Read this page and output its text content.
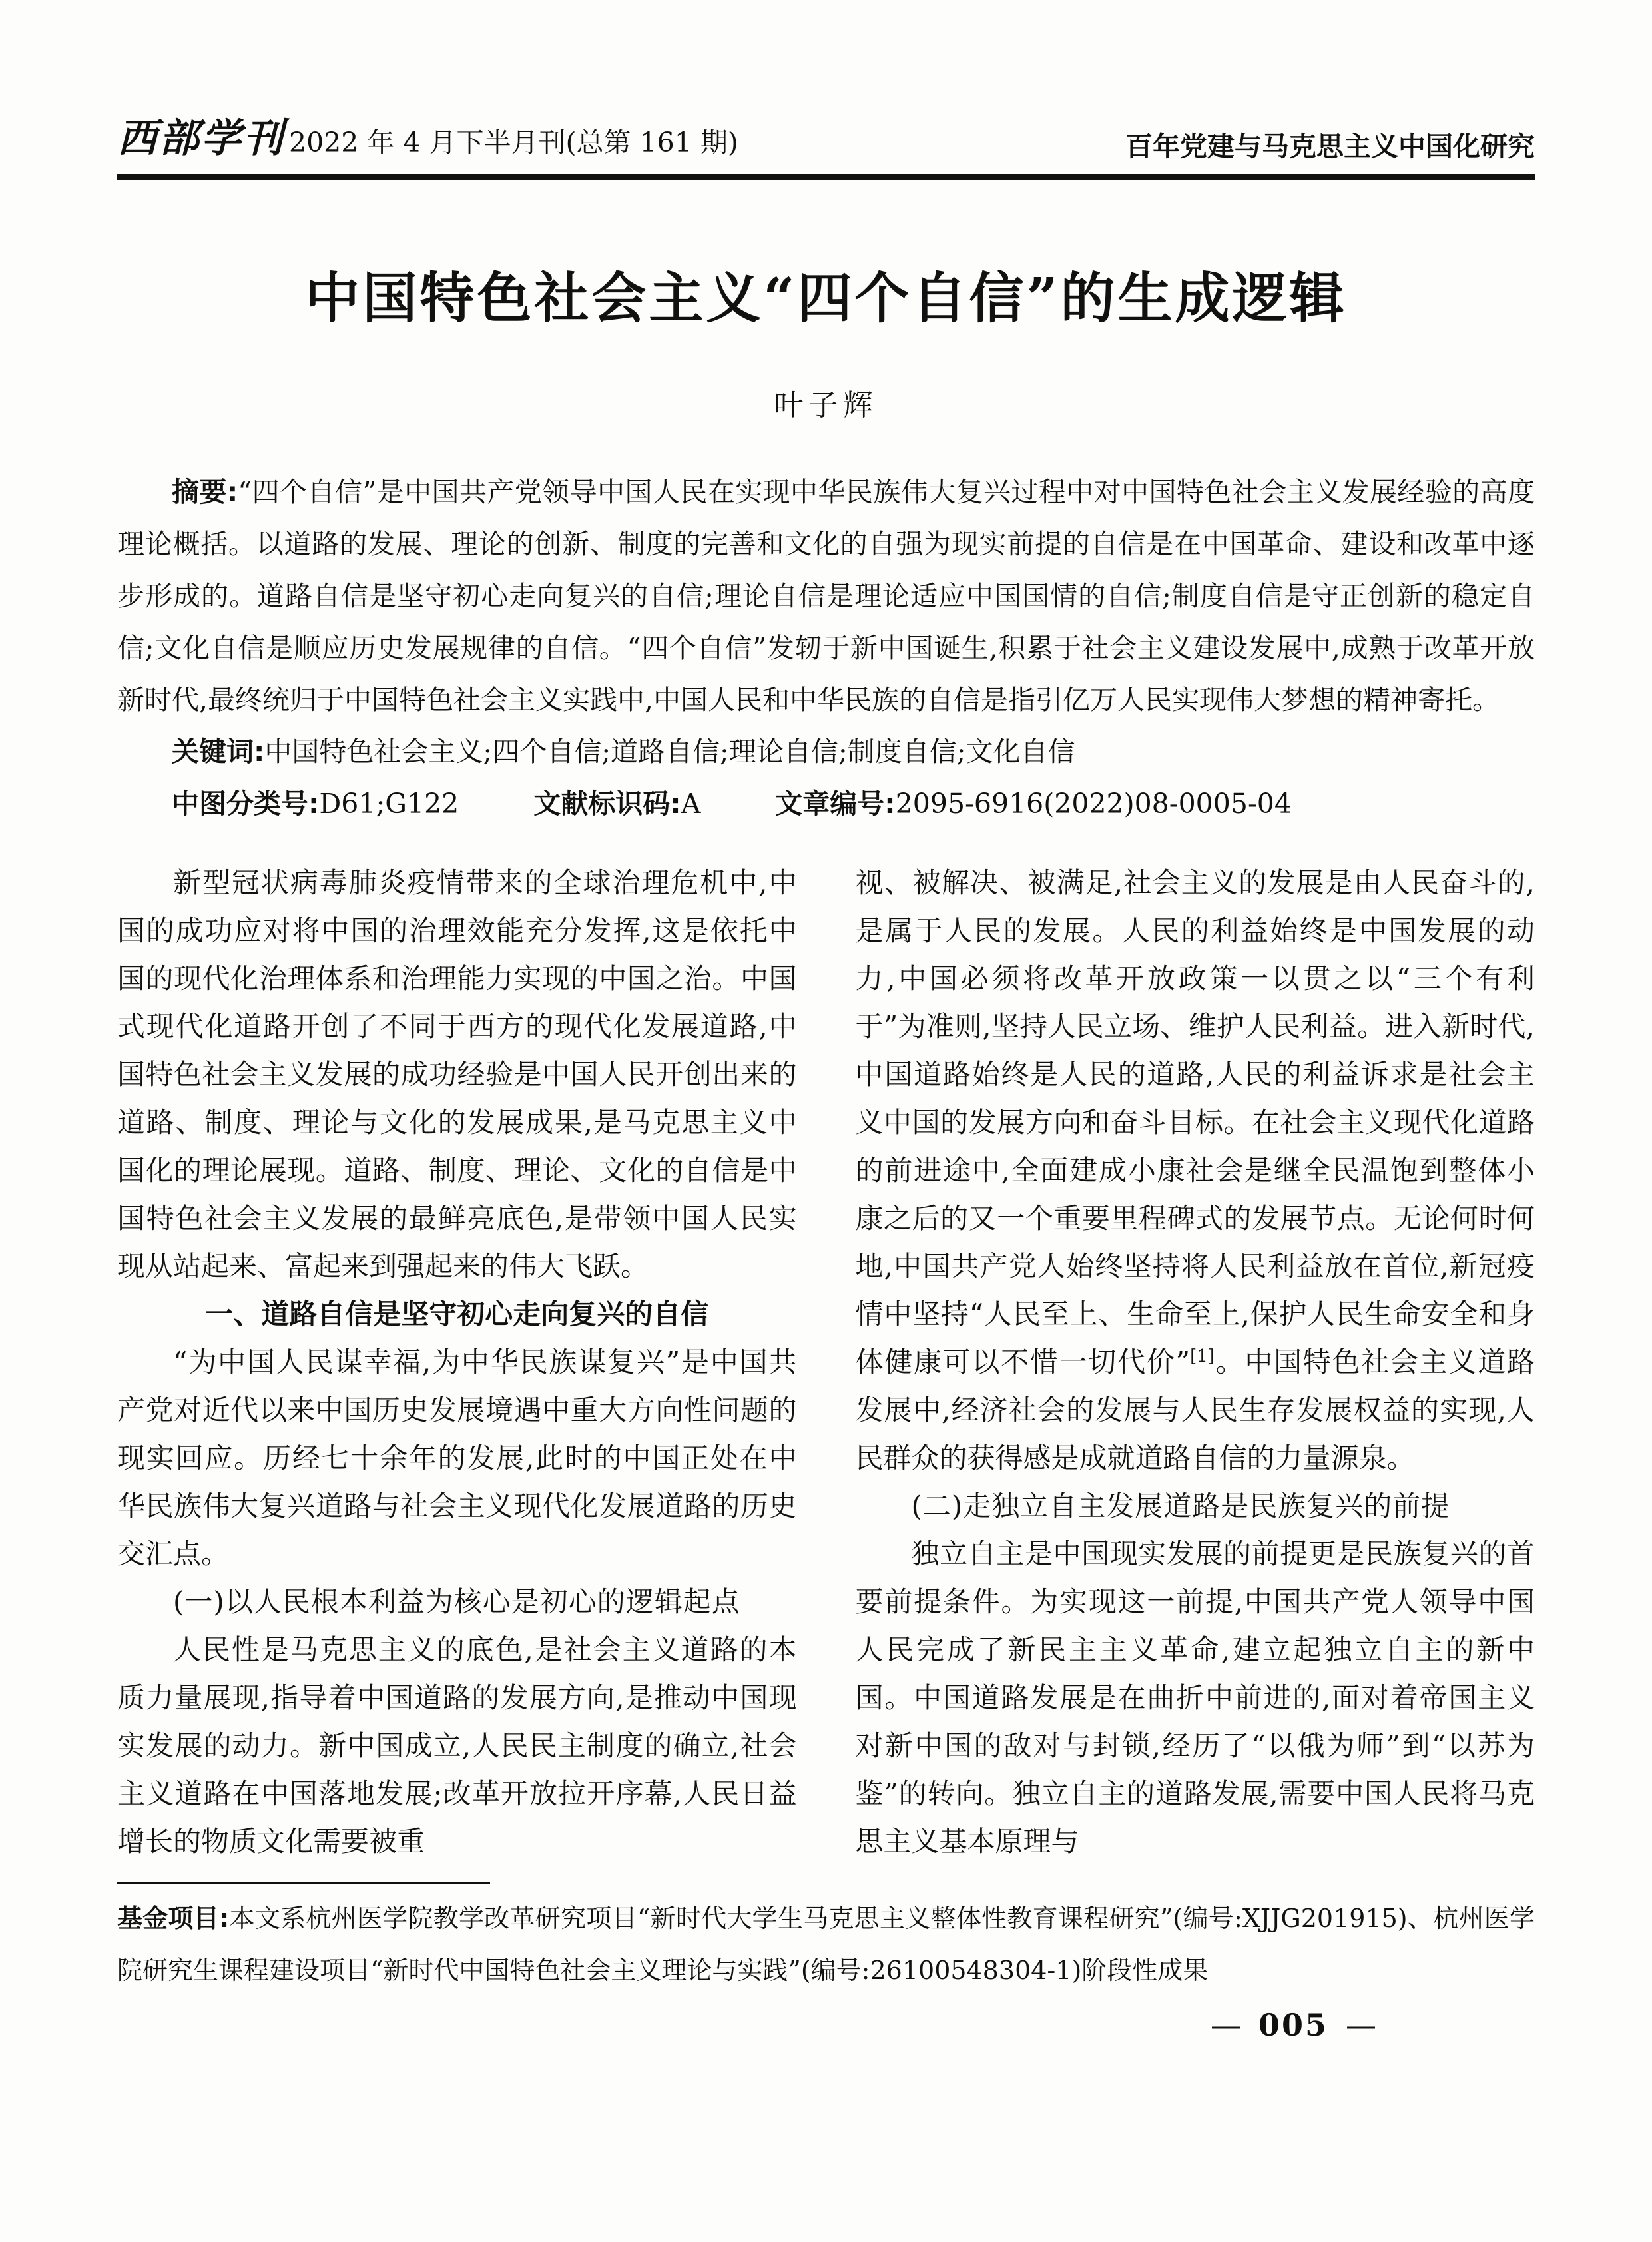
西部学刊 2022 年 4 月下半月刊(总第 161 期)	百年党建与马克思主义中国化研究
中国特色社会主义“四个自信”的生成逻辑
叶子辉

摘要:“四个自信”是中国共产党领导中国人民在实现中华民族伟大复兴过程中对中国特色社会主义发展经验的高度理论概括。以道路的发展、理论的创新、制度的完善和文化的自强为现实前提的自信是在中国革命、建设和改革中逐步形成的。道路自信是坚守初心走向复兴的自信;理论自信是理论适应中国国情的自信;制度自信是守正创新的稳定自信;文化自信是顺应历史发展规律的自信。“四个自信”发轫于新中国诞生,积累于社会主义建设发展中,成熟于改革开放新时代,最终统归于中国特色社会主义实践中,中国人民和中华民族的自信是指引亿万人民实现伟大梦想的精神寄托。

关键词:中国特色社会主义;四个自信;道路自信;理论自信;制度自信;文化自信

中图分类号:D61;G122	文献标识码:A	文章编号:2095-6916(2022)08-0005-04

新型冠状病毒肺炎疫情带来的全球治理危机中,中国的成功应对将中国的治理效能充分发挥,这是依托中国的现代化治理体系和治理能力实现的中国之治。中国式现代化道路开创了不同于西方的现代化发展道路,中国特色社会主义发展的成功经验是中国人民开创出来的道路、制度、理论与文化的发展成果,是马克思主义中国化的理论展现。道路、制度、理论、文化的自信是中国特色社会主义发展的最鲜亮底色,是带领中国人民实现从站起来、富起来到强起来的伟大飞跃。

一、道路自信是坚守初心走向复兴的自信

“为中国人民谋幸福,为中华民族谋复兴”是中国共产党对近代以来中国历史发展境遇中重大方向性问题的现实回应。历经七十余年的发展,此时的中国正处在中华民族伟大复兴道路与社会主义现代化发展道路的历史交汇点。

(一)以人民根本利益为核心是初心的逻辑起点

人民性是马克思主义的底色,是社会主义道路的本质力量展现,指导着中国道路的发展方向,是推动中国现实发展的动力。新中国成立,人民民主制度的确立,社会主义道路在中国落地发展;改革开放拉开序幕,人民日益增长的物质文化需要被重

视、被解决、被满足,社会主义的发展是由人民奋斗的,是属于人民的发展。人民的利益始终是中国发展的动力,中国必须将改革开放政策一以贯之以“三个有利于”为准则,坚持人民立场、维护人民利益。进入新时代,中国道路始终是人民的道路,人民的利益诉求是社会主义中国的发展方向和奋斗目标。在社会主义现代化道路的前进途中,全面建成小康社会是继全民温饱到整体小康之后的又一个重要里程碑式的发展节点。无论何时何地,中国共产党人始终坚持将人民利益放在首位,新冠疫情中坚持“人民至上、生命至上,保护人民生命安全和身体健康可以不惜一切代价”[1]。中国特色社会主义道路发展中,经济社会的发展与人民生存发展权益的实现,人民群众的获得感是成就道路自信的力量源泉。

(二)走独立自主发展道路是民族复兴的前提

独立自主是中国现实发展的前提更是民族复兴的首要前提条件。为实现这一前提,中国共产党人领导中国人民完成了新民主主义革命,建立起独立自主的新中国。中国道路发展是在曲折中前进的,面对着帝国主义对新中国的敌对与封锁,经历了“以俄为师”到“以苏为鉴”的转向。独立自主的道路发展,需要中国人民将马克思主义基本原理与

基金项目:本文系杭州医学院教学改革研究项目“新时代大学生马克思主义整体性教育课程研究”(编号:XJJG201915)、杭州医学院研究生课程建设项目“新时代中国特色社会主义理论与实践”(编号:26100548304-1)阶段性成果

— 005 —
